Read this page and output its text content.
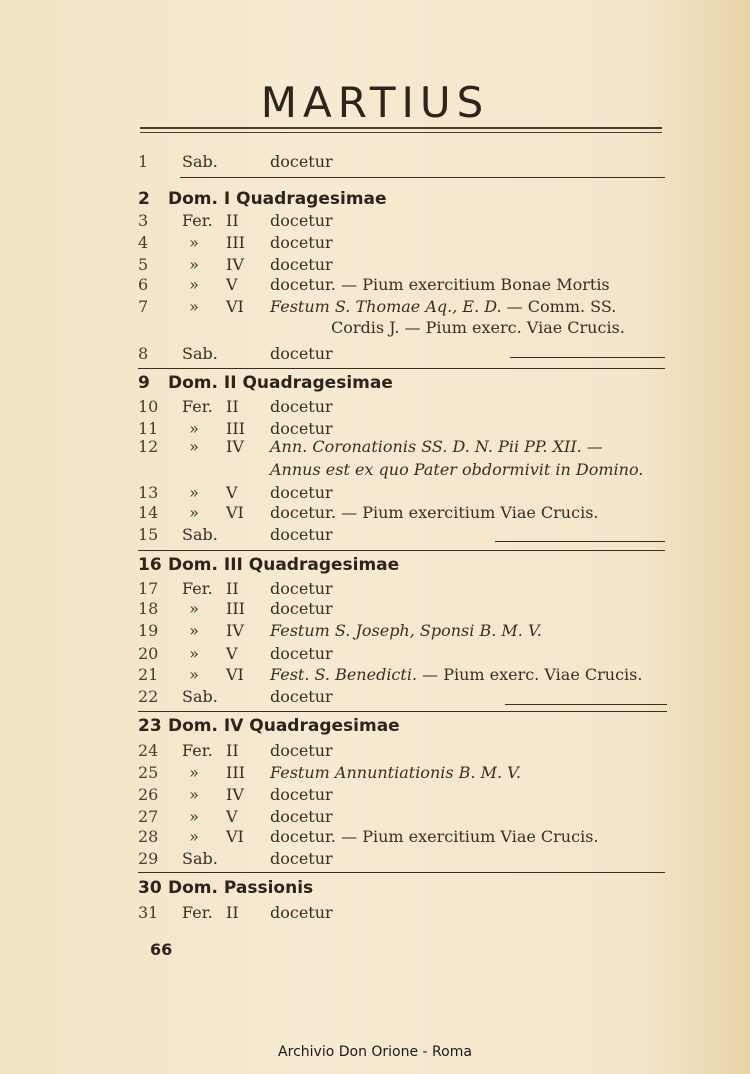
MARTIUS
1	Sab.	docetur
2 Dom. I Quadragesimae
3	Fer. II docetur
4	»	III docetur
5	»	IV docetur
6	»	V docetur. — Pium exercitium Bonae Mortis
7	»	VI Festum S. Thomae Aq., E. D. — Comm. SS.
Cordis J. — Pium exerc. Viae Crucis.
8	Sab.	docetur
9 Dom. II Quadragesimae
10	Fer. II docetur
11	»	III docetur
12	»	IV Ann. Coronationis SS. D. N. Pii PP. XII. —
Annus est ex quo Pater obdormivit in Domino.
13	»	V docetur
14	»	VI docetur. — Pium exercitium Viae Crucis.
15	Sab.	docetur
16 Dom. III Quadragesimae
17	Fer. II docetur
18	»	III docetur
19	»	IV Festum S. Joseph, Sponsi B. M. V.
20	»	V docetur
21	»	VI Fest. S. Benedicti. — Pium exerc. Viae Crucis.
22	Sab.	docetur
23 Dom. IV Quadragesimae
24	Fer. II docetur
25	»	III Festum Annuntiationis B. M. V.
26	»	IV docetur
27	»	V docetur
28	»	VI docetur. — Pium exercitium Viae Crucis.
29	Sab.	docetur
30 Dom. Passionis
31	Fer. II docetur
66
Archivio Don Orione - Roma
